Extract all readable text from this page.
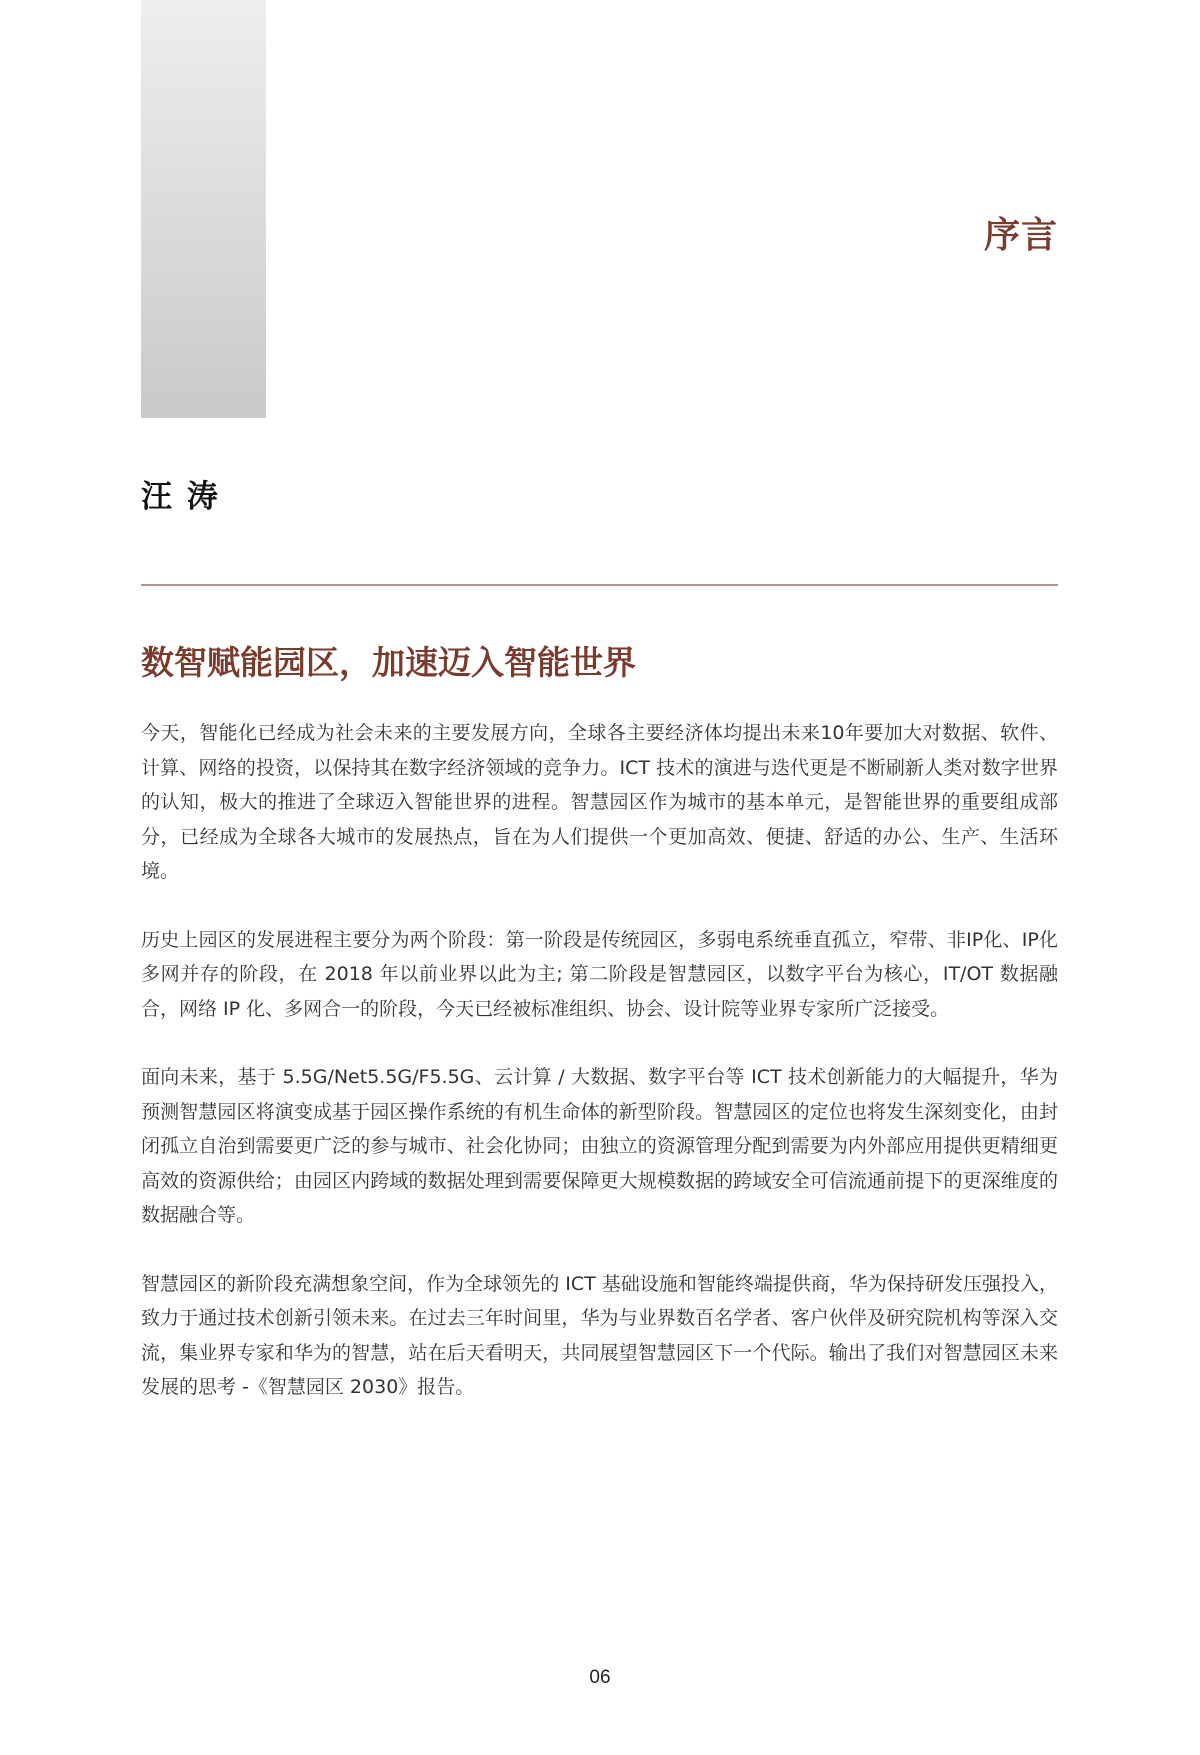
序言
汪 涛
数智赋能园区，加速迈入智能世界

今天，智能化已经成为社会未来的主要发展方向，全球各主要经济体均提出未来10年要加大对数据、软件、计算、网络的投资，以保持其在数字经济领域的竞争力。ICT 技术的演进与迭代更是不断刷新人类对数字世界的认知，极大的推进了全球迈入智能世界的进程。智慧园区作为城市的基本单元，是智能世界的重要组成部分，已经成为全球各大城市的发展热点，旨在为人们提供一个更加高效、便捷、舒适的办公、生产、生活环境。

历史上园区的发展进程主要分为两个阶段：第一阶段是传统园区，多弱电系统垂直孤立，窄带、非IP化、IP化多网并存的阶段，在 2018 年以前业界以此为主; 第二阶段是智慧园区，以数字平台为核心，IT/OT 数据融合，网络 IP 化、多网合一的阶段，今天已经被标准组织、协会、设计院等业界专家所广泛接受。

面向未来，基于 5.5G/Net5.5G/F5.5G、云计算 / 大数据、数字平台等 ICT 技术创新能力的大幅提升，华为预测智慧园区将演变成基于园区操作系统的有机生命体的新型阶段。智慧园区的定位也将发生深刻变化，由封闭孤立自治到需要更广泛的参与城市、社会化协同；由独立的资源管理分配到需要为内外部应用提供更精细更高效的资源供给；由园区内跨域的数据处理到需要保障更大规模数据的跨域安全可信流通前提下的更深维度的数据融合等。

智慧园区的新阶段充满想象空间，作为全球领先的 ICT 基础设施和智能终端提供商，华为保持研发压强投入，致力于通过技术创新引领未来。在过去三年时间里，华为与业界数百名学者、客户伙伴及研究院机构等深入交流，集业界专家和华为的智慧，站在后天看明天，共同展望智慧园区下一个代际。输出了我们对智慧园区未来发展的思考 -《智慧园区 2030》报告。

06
